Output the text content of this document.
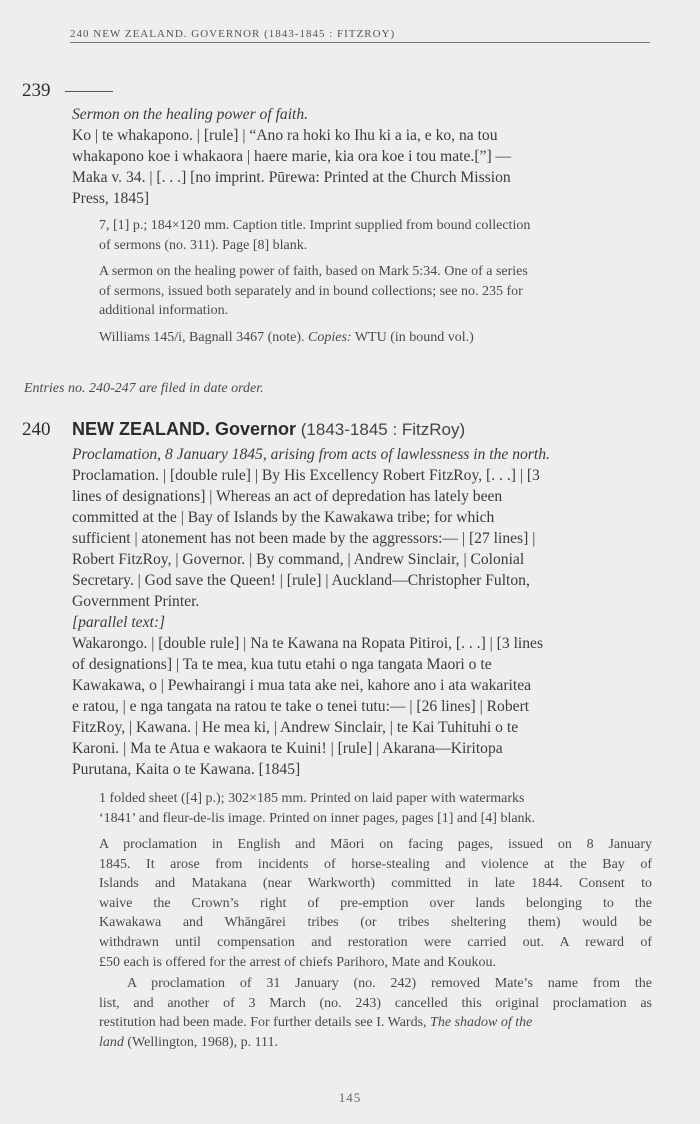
240 NEW ZEALAND. GOVERNOR (1843-1845 : FITZROY)
239
Sermon on the healing power of faith.
Ko | te whakapono. | [rule] | “Ano ra hoki ko Ihu ki a ia, e ko, na tou
whakapono koe i whakaora | haere marie, kia ora koe i tou mate.[”] —
Maka v. 34. | [. . .] [no imprint. Pūrewa: Printed at the Church Mission
Press, 1845]
7, [1] p.; 184×120 mm. Caption title. Imprint supplied from bound collection
of sermons (no. 311). Page [8] blank.
A sermon on the healing power of faith, based on Mark 5:34. One of a series
of sermons, issued both separately and in bound collections; see no. 235 for
additional information.
Williams 145/i, Bagnall 3467 (note). Copies: WTU (in bound vol.)
Entries no. 240-247 are filed in date order.
240 NEW ZEALAND. Governor (1843-1845 : FitzRoy)
Proclamation, 8 January 1845, arising from acts of lawlessness in the north.
Proclamation. | [double rule] | By His Excellency Robert FitzRoy, [. . .] | [3
lines of designations] | Whereas an act of depredation has lately been
committed at the | Bay of Islands by the Kawakawa tribe; for which
sufficient | atonement has not been made by the aggressors:— | [27 lines] |
Robert FitzRoy, | Governor. | By command, | Andrew Sinclair, | Colonial
Secretary. | God save the Queen! | [rule] | Auckland—Christopher Fulton,
Government Printer.
[parallel text:]
Wakarongo. | [double rule] | Na te Kawana na Ropata Pitiroi, [. . .] | [3 lines
of designations] | Ta te mea, kua tutu etahi o nga tangata Maori o te
Kawakawa, o | Pewhairangi i mua tata ake nei, kahore ano i ata wakaritea
e ratou, | e nga tangata na ratou te take o tenei tutu:— | [26 lines] | Robert
FitzRoy, | Kawana. | He mea ki, | Andrew Sinclair, | te Kai Tuhituhi o te
Karoni. | Ma te Atua e wakaora te Kuini! | [rule] | Akarana—Kiritopa
Purutana, Kaita o te Kawana. [1845]
1 folded sheet ([4] p.); 302×185 mm. Printed on laid paper with watermarks
‘1841’ and fleur-de-lis image. Printed on inner pages, pages [1] and [4] blank.
A proclamation in English and Māori on facing pages, issued on 8 January
1845. It arose from incidents of horse-stealing and violence at the Bay of
Islands and Matakana (near Warkworth) committed in late 1844. Consent to
waive the Crown’s right of pre-emption over lands belonging to the
Kawakawa and Whāngārei tribes (or tribes sheltering them) would be
withdrawn until compensation and restoration were carried out. A reward of
£50 each is offered for the arrest of chiefs Parihoro, Mate and Koukou.
A proclamation of 31 January (no. 242) removed Mate’s name from the
list, and another of 3 March (no. 243) cancelled this original proclamation as
restitution had been made. For further details see I. Wards, The shadow of the
land (Wellington, 1968), p. 111.
145
